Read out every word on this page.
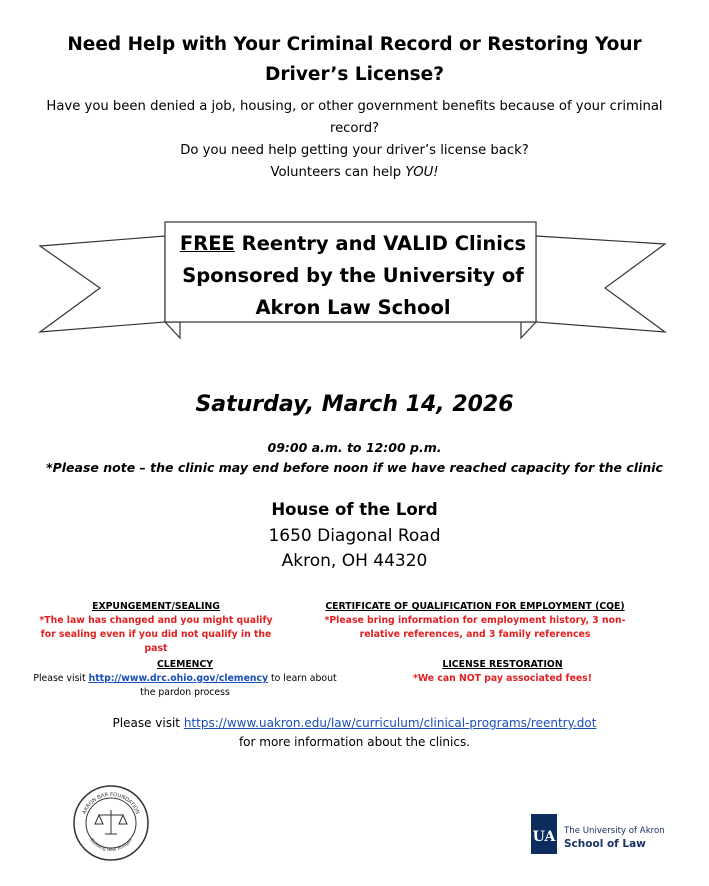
Need Help with Your Criminal Record or Restoring Your Driver’s License?
Have you been denied a job, housing, or other government benefits because of your criminal record?
Do you need help getting your driver’s license back?
Volunteers can help YOU!
FREE Reentry and VALID Clinics Sponsored by the University of Akron Law School
Saturday, March 14, 2026
09:00 a.m. to 12:00 p.m.
*Please note – the clinic may end before noon if we have reached capacity for the clinic
House of the Lord
1650 Diagonal Road
Akron, OH 44320
EXPUNGEMENT/SEALING
*The law has changed and you might qualify for sealing even if you did not qualify in the past
CERTIFICATE OF QUALIFICATION FOR EMPLOYMENT (CQE)
*Please bring information for employment history, 3 non-relative references, and 3 family references
CLEMENCY
Please visit http://www.drc.ohio.gov/clemency to learn about the pardon process
LICENSE RESTORATION
*We can NOT pay associated fees!
Please visit https://www.uakron.edu/law/curriculum/clinical-programs/reentry.dot
for more information about the clinics.
AKRON BAR FOUNDATION
Building New Bridges	UA The University of Akron
School of Law
